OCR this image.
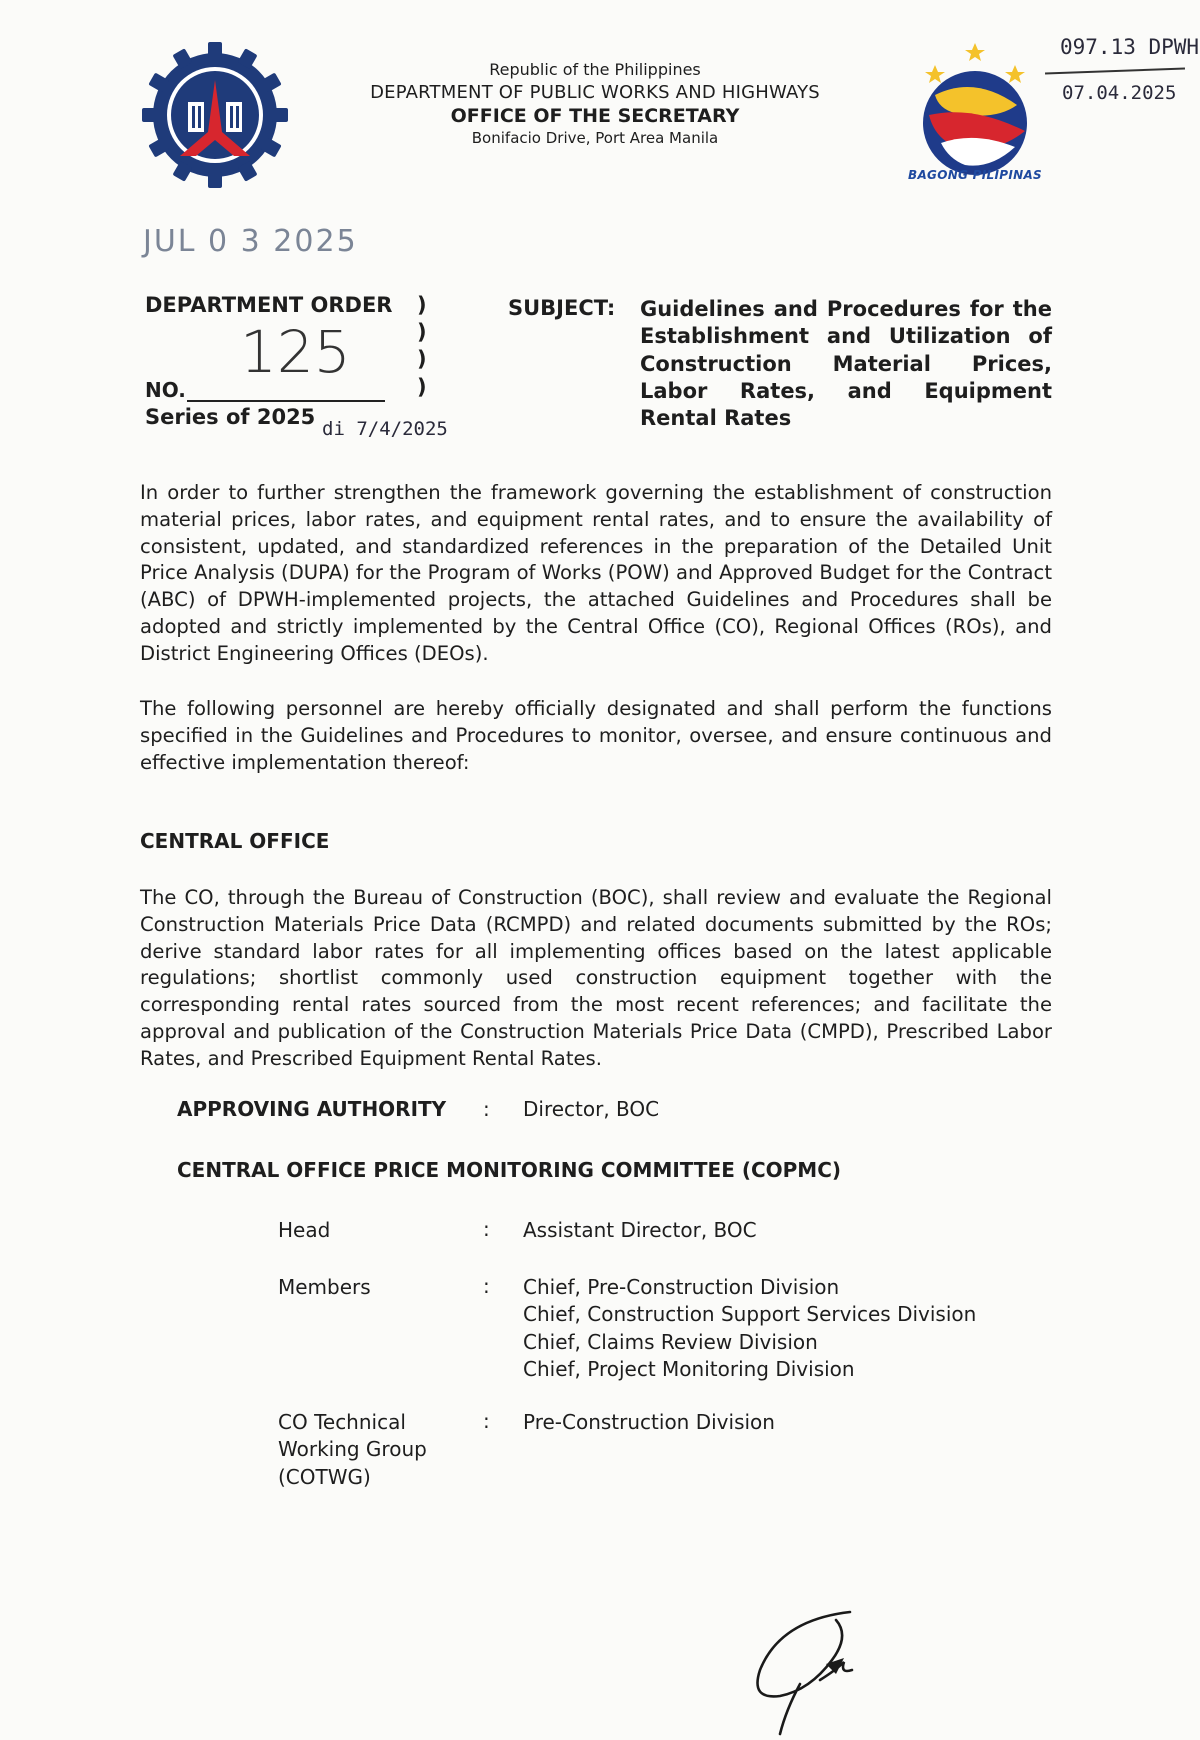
Republic of the Philippines
DEPARTMENT OF PUBLIC WORKS AND HIGHWAYS
OFFICE OF THE SECRETARY
Bonifacio Drive, Port Area Manila
BAGONG PILIPINAS
097.13 DPWH
07.04.2025
JUL 0 3 2025
DEPARTMENT ORDER )
)
)
)
125
NO.
Series of 2025 di 7/4/2025
SUBJECT: Guidelines and Procedures for the Establishment and Utilization of Construction Material Prices, Labor Rates, and Equipment Rental Rates
In order to further strengthen the framework governing the establishment of construction material prices, labor rates, and equipment rental rates, and to ensure the availability of consistent, updated, and standardized references in the preparation of the Detailed Unit Price Analysis (DUPA) for the Program of Works (POW) and Approved Budget for the Contract (ABC) of DPWH-implemented projects, the attached Guidelines and Procedures shall be adopted and strictly implemented by the Central Office (CO), Regional Offices (ROs), and District Engineering Offices (DEOs).
The following personnel are hereby officially designated and shall perform the functions specified in the Guidelines and Procedures to monitor, oversee, and ensure continuous and effective implementation thereof:
CENTRAL OFFICE
The CO, through the Bureau of Construction (BOC), shall review and evaluate the Regional Construction Materials Price Data (RCMPD) and related documents submitted by the ROs; derive standard labor rates for all implementing offices based on the latest applicable regulations; shortlist commonly used construction equipment together with the corresponding rental rates sourced from the most recent references; and facilitate the approval and publication of the Construction Materials Price Data (CMPD), Prescribed Labor Rates, and Prescribed Equipment Rental Rates.
APPROVING AUTHORITY : Director, BOC
CENTRAL OFFICE PRICE MONITORING COMMITTEE (COPMC)
Head	: Assistant Director, BOC
Members	: Chief, Pre-Construction Division
Chief, Construction Support Services Division
Chief, Claims Review Division
Chief, Project Monitoring Division
CO Technical
Working Group
(COTWG)
: Pre-Construction Division
